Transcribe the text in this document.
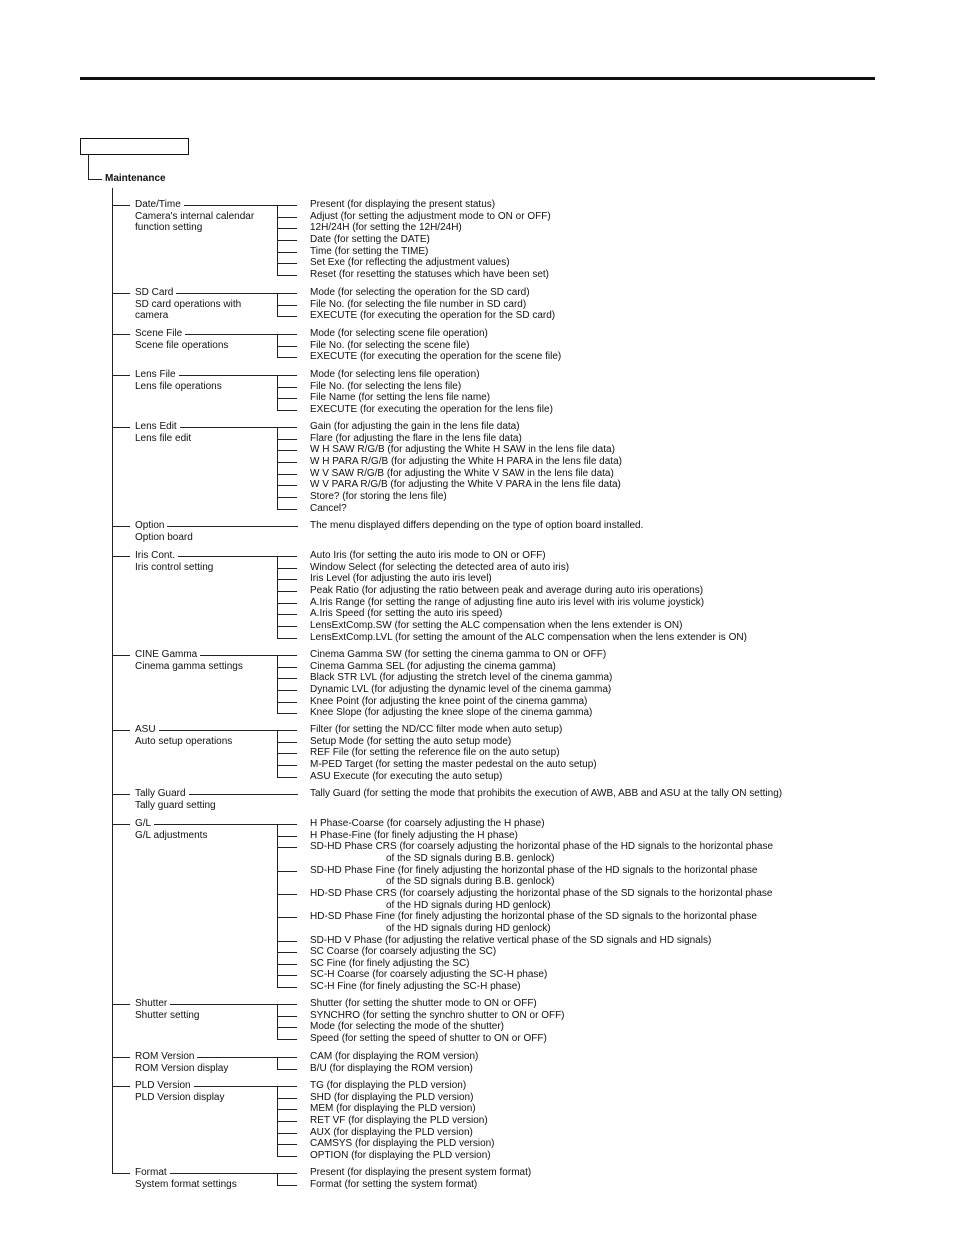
Maintenance
Date/Time
Camera's internal calendar
function setting
Present (for displaying the present status)
Adjust (for setting the adjustment mode to ON or OFF)
12H/24H (for setting the 12H/24H)
Date (for setting the DATE)
Time (for setting the TIME)
Set Exe (for reflecting the adjustment values)
Reset (for resetting the statuses which have been set)
SD Card
SD card operations with
camera
Mode (for selecting the operation for the SD card)
File No. (for selecting the file number in SD card)
EXECUTE (for executing the operation for the SD card)
Scene File
Scene file operations
Mode (for selecting scene file operation)
File No. (for selecting the scene file)
EXECUTE (for executing the operation for the scene file)
Lens File
Lens file operations
Mode (for selecting lens file operation)
File No. (for selecting the lens file)
File Name (for setting the lens file name)
EXECUTE (for executing the operation for the lens file)
Lens Edit
Lens file edit
Gain (for adjusting the gain in the lens file data)
Flare (for adjusting the flare in the lens file data)
W H SAW R/G/B (for adjusting the White H SAW in the lens file data)
W H PARA R/G/B (for adjusting the White H PARA in the lens file data)
W V SAW R/G/B (for adjusting the White V SAW in the lens file data)
W V PARA R/G/B (for adjusting the White V PARA in the lens file data)
Store? (for storing the lens file)
Cancel?
Option
Option board
The menu displayed differs depending on the type of option board installed.
Iris Cont.
Iris control setting
Auto Iris (for setting the auto iris mode to ON or OFF)
Window Select (for selecting the detected area of auto iris)
Iris Level (for adjusting the auto iris level)
Peak Ratio (for adjusting the ratio between peak and average during auto iris operations)
A.Iris Range (for setting the range of adjusting fine auto iris level with iris volume joystick)
A.Iris Speed (for setting the auto iris speed)
LensExtComp.SW (for setting the ALC compensation when the lens extender is ON)
LensExtComp.LVL (for setting the amount of the ALC compensation when the lens extender is ON)
CINE Gamma
Cinema gamma settings
Cinema Gamma SW (for setting the cinema gamma to ON or OFF)
Cinema Gamma SEL (for adjusting the cinema gamma)
Black STR LVL (for adjusting the stretch level of the cinema gamma)
Dynamic LVL (for adjusting the dynamic level of the cinema gamma)
Knee Point (for adjusting the knee point of the cinema gamma)
Knee Slope (for adjusting the knee slope of the cinema gamma)
ASU
Auto setup operations
Filter (for setting the ND/CC filter mode when auto setup)
Setup Mode (for setting the auto setup mode)
REF File (for setting the reference file on the auto setup)
M-PED Target (for setting the master pedestal on the auto setup)
ASU Execute (for executing the auto setup)
Tally Guard
Tally guard setting
Tally Guard (for setting the mode that prohibits the execution of AWB, ABB and ASU at the tally ON setting)
G/L
G/L adjustments
H Phase-Coarse (for coarsely adjusting the H phase)
H Phase-Fine (for finely adjusting the H phase)
SD-HD Phase CRS (for coarsely adjusting the horizontal phase of the HD signals to the horizontal phase
of the SD signals during B.B. genlock)
SD-HD Phase Fine (for finely adjusting the horizontal phase of the HD signals to the horizontal phase
of the SD signals during B.B. genlock)
HD-SD Phase CRS (for coarsely adjusting the horizontal phase of the SD signals to the horizontal phase
of the HD signals during HD genlock)
HD-SD Phase Fine (for finely adjusting the horizontal phase of the SD signals to the horizontal phase
of the HD signals during HD genlock)
SD-HD V Phase (for adjusting the relative vertical phase of the SD signals and HD signals)
SC Coarse (for coarsely adjusting the SC)
SC Fine (for finely adjusting the SC)
SC-H Coarse (for coarsely adjusting the SC-H phase)
SC-H Fine (for finely adjusting the SC-H phase)
Shutter
Shutter setting
Shutter (for setting the shutter mode to ON or OFF)
SYNCHRO (for setting the synchro shutter to ON or OFF)
Mode (for selecting the mode of the shutter)
Speed (for setting the speed of shutter to ON or OFF)
ROM Version
ROM Version display
CAM (for displaying the ROM version)
B/U (for displaying the ROM version)
PLD Version
PLD Version display
TG (for displaying the PLD version)
SHD (for displaying the PLD version)
MEM (for displaying the PLD version)
RET VF (for displaying the PLD version)
AUX (for displaying the PLD version)
CAMSYS (for displaying the PLD version)
OPTION (for displaying the PLD version)
Format
System format settings
Present (for displaying the present system format)
Format (for setting the system format)
